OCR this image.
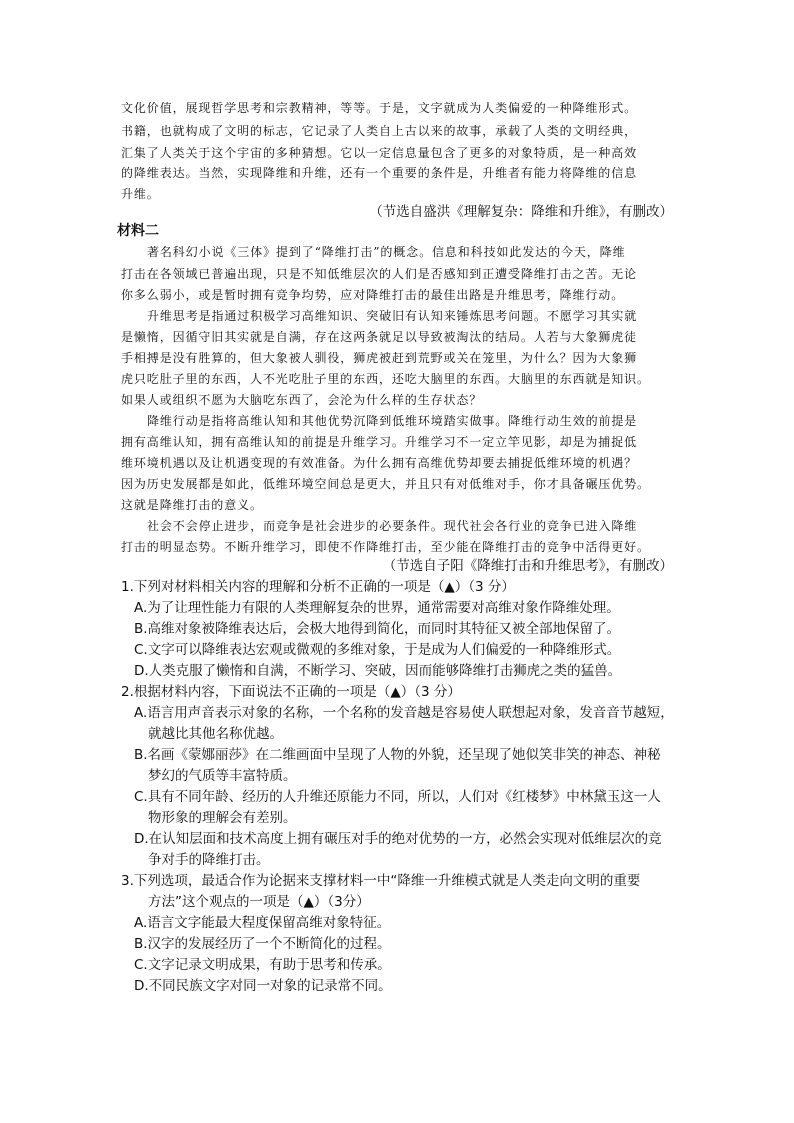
文化价值，展现哲学思考和宗教精神，等等。于是，文字就成为人类偏爱的一种降维形式。
书籍，也就构成了文明的标志，它记录了人类自上古以来的故事，承载了人类的文明经典，
汇集了人类关于这个宇宙的多种猜想。它以一定信息量包含了更多的对象特质，是一种高效
的降维表达。当然，实现降维和升维，还有一个重要的条件是，升维者有能力将降维的信息
升维。
（节选自盛洪《理解复杂：降维和升维》，有删改）
材料二
著名科幻小说《三体》提到了“降维打击”的概念。信息和科技如此发达的今天，降维
打击在各领域已普遍出现，只是不知低维层次的人们是否感知到正遭受降维打击之苦。无论
你多么弱小，或是暂时拥有竞争均势，应对降维打击的最佳出路是升维思考，降维行动。
升维思考是指通过积极学习高维知识、突破旧有认知来锤炼思考问题。不愿学习其实就
是懒惰，因循守旧其实就是自满，存在这两条就足以导致被淘汰的结局。人若与大象狮虎徒
手相搏是没有胜算的，但大象被人驯役，狮虎被赶到荒野或关在笼里，为什么？因为大象狮
虎只吃肚子里的东西，人不光吃肚子里的东西，还吃大脑里的东西。大脑里的东西就是知识。
如果人或组织不愿为大脑吃东西了，会沦为什么样的生存状态？
降维行动是指将高维认知和其他优势沉降到低维环境踏实做事。降维行动生效的前提是
拥有高维认知，拥有高维认知的前提是升维学习。升维学习不一定立竿见影，却是为捕捉低
维环境机遇以及让机遇变现的有效准备。为什么拥有高维优势却要去捕捉低维环境的机遇？
因为历史发展都是如此，低维环境空间总是更大，并且只有对低维对手，你才具备碾压优势。
这就是降维打击的意义。
社会不会停止进步，而竞争是社会进步的必要条件。现代社会各行业的竞争已进入降维
打击的明显态势。不断升维学习，即使不作降维打击，至少能在降维打击的竞争中活得更好。
（节选自子阳《降维打击和升维思考》，有删改）
1.下列对材料相关内容的理解和分析不正确的一项是（▲）（3 分）
A.为了让理性能力有限的人类理解复杂的世界，通常需要对高维对象作降维处理。
B.高维对象被降维表达后，会极大地得到简化，而同时其特征又被全部地保留了。
C.文字可以降维表达宏观或微观的多维对象，于是成为人们偏爱的一种降维形式。
D.人类克服了懒惰和自满，不断学习、突破，因而能够降维打击狮虎之类的猛兽。
2.根据材料内容，下面说法不正确的一项是（▲）（3 分）
A.语言用声音表示对象的名称，一个名称的发音越是容易使人联想起对象，发音音节越短，
就越比其他名称优越。
B.名画《蒙娜丽莎》在二维画面中呈现了人物的外貌，还呈现了她似笑非笑的神态、神秘
梦幻的气质等丰富特质。
C.具有不同年龄、经历的人升维还原能力不同，所以，人们对《红楼梦》中林黛玉这一人
物形象的理解会有差别。
D.在认知层面和技术高度上拥有碾压对手的绝对优势的一方，必然会实现对低维层次的竞
争对手的降维打击。
3.下列选项，最适合作为论据来支撑材料一中“降维一升维模式就是人类走向文明的重要
方法”这个观点的一项是（▲）（3分）
A.语言文字能最大程度保留高维对象特征。
B.汉字的发展经历了一个不断简化的过程。
C.文字记录文明成果，有助于思考和传承。
D.不同民族文字对同一对象的记录常不同。
